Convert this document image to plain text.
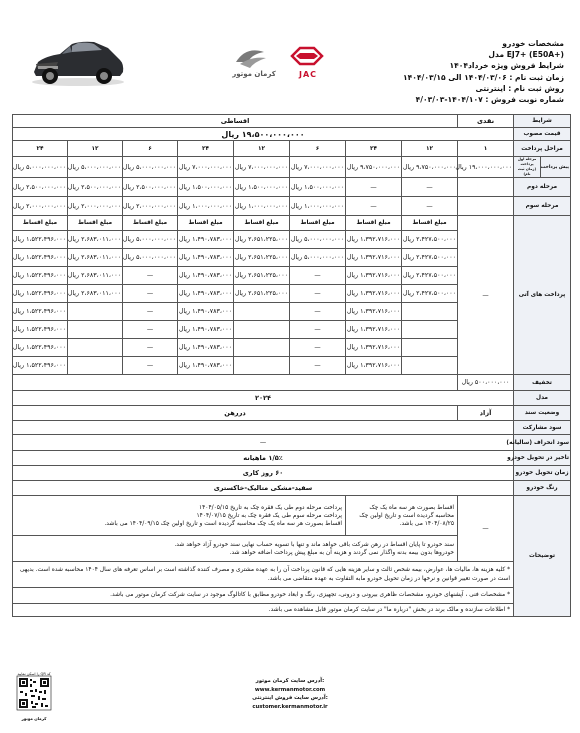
کرمان موتور	JAC
مشخصات خودرو
EJ7+ (E50A+) مدل
شرایط فروش ویژه خرداد۱۴۰۴
زمان ثبت نام : ۱۴۰۴/۰۳/۰۶ الی ۱۴۰۴/۰۳/۱۵
روش ثبت نام : اینترنتی
شماره نوبت فروش : ۱۴۰۴/۱۰۷-۴/۰۳/۰۳
شرایط		نقدی	اقساطی							
قیمت مصوب		۱۹،۵۰۰،۰۰۰،۰۰۰ ریال								
مراحل پرداخت		۱	۱۲	۲۴	۶	۱۲	۲۴	۶	۱۲	۲۴
پیش پرداخت	مرحله اول پرداخت (زمان ثبت نام)	۱۹،۰۰۰،۰۰۰،۰۰۰ ریال	۹،۷۵۰،۰۰۰،۰۰۰ ریال	۹،۷۵۰،۰۰۰،۰۰۰ ریال	۷،۰۰۰،۰۰۰،۰۰۰ ریال	۷،۰۰۰،۰۰۰،۰۰۰ ریال	۷،۰۰۰،۰۰۰،۰۰۰ ریال	۵،۰۰۰،۰۰۰،۰۰۰ ریال	۵،۰۰۰،۰۰۰،۰۰۰ ریال	۵،۰۰۰،۰۰۰،۰۰۰ ریال
مرحله دوم			—	—	۱،۵۰۰،۰۰۰،۰۰۰ ریال	۱،۵۰۰،۰۰۰،۰۰۰ ریال	۱،۵۰۰،۰۰۰،۰۰۰ ریال	۲،۵۰۰،۰۰۰،۰۰۰ ریال	۲،۵۰۰،۰۰۰،۰۰۰ ریال	۲،۵۰۰،۰۰۰،۰۰۰ ریال
مرحله سوم			—	—	۱،۰۰۰،۰۰۰،۰۰۰ ریال	۱،۰۰۰،۰۰۰،۰۰۰ ریال	۱،۰۰۰،۰۰۰،۰۰۰ ریال	۲،۰۰۰،۰۰۰،۰۰۰ ریال	۲،۰۰۰،۰۰۰،۰۰۰ ریال	۲،۰۰۰،۰۰۰،۰۰۰ ریال
پرداخت های آتی		—	مبلغ اقساط	مبلغ اقساط	مبلغ اقساط	مبلغ اقساط	مبلغ اقساط	مبلغ اقساط	مبلغ اقساط	مبلغ اقساط
			۲،۴۲۷،۵۰۰،۰۰۰ ریال	۱،۳۹۲،۷۱۶،۰۰۰ ریال	۵،۰۰۰،۰۰۰،۰۰۰ ریال	۲،۶۵۱،۲۲۵،۰۰۰ ریال	۱،۴۹۰،۷۸۳،۰۰۰ ریال	۵،۰۰۰،۰۰۰،۰۰۰ ریال	۲،۶۸۳،۰۱۱،۰۰۰ ریال	۱،۵۲۲،۴۹۶،۰۰۰ ریال
			۲،۴۲۷،۵۰۰،۰۰۰ ریال	۱،۳۹۲،۷۱۶،۰۰۰ ریال	۵،۰۰۰،۰۰۰،۰۰۰ ریال	۲،۶۵۱،۲۲۵،۰۰۰ ریال	۱،۴۹۰،۷۸۳،۰۰۰ ریال	۵،۰۰۰،۰۰۰،۰۰۰ ریال	۲،۶۸۳،۰۱۱،۰۰۰ ریال	۱،۵۲۲،۴۹۶،۰۰۰ ریال
			۲،۴۲۷،۵۰۰،۰۰۰ ریال	۱،۳۹۲،۷۱۶،۰۰۰ ریال	—	۲،۶۵۱،۲۲۵،۰۰۰ ریال	۱،۴۹۰،۷۸۳،۰۰۰ ریال	—	۲،۶۸۳،۰۱۱،۰۰۰ ریال	۱،۵۲۲،۴۹۶،۰۰۰ ریال
			۲،۴۲۷،۵۰۰،۰۰۰ ریال	۱،۳۹۲،۷۱۶،۰۰۰ ریال	—	۲،۶۵۱،۲۲۵،۰۰۰ ریال	۱،۴۹۰،۷۸۳،۰۰۰ ریال	—	۲،۶۸۳،۰۱۱،۰۰۰ ریال	۱،۵۲۲،۴۹۶،۰۰۰ ریال
				۱،۳۹۲،۷۱۶،۰۰۰ ریال	—		۱،۴۹۰،۷۸۳،۰۰۰ ریال	—		۱،۵۲۲،۴۹۶،۰۰۰ ریال
				۱،۳۹۲،۷۱۶،۰۰۰ ریال	—		۱،۴۹۰،۷۸۳،۰۰۰ ریال	—		۱،۵۲۲،۴۹۶،۰۰۰ ریال
				۱،۳۹۲،۷۱۶،۰۰۰ ریال	—		۱،۴۹۰،۷۸۳،۰۰۰ ریال	—		۱،۵۲۲،۴۹۶،۰۰۰ ریال
				۱،۳۹۲،۷۱۶،۰۰۰ ریال	—		۱،۴۹۰،۷۸۳،۰۰۰ ریال	—		۱،۵۲۲،۴۹۶،۰۰۰ ریال
تخفیف		۵۰۰،۰۰۰،۰۰۰ ریال								
مدل		۲۰۲۴								
وضعیت سند		آزاد	دررهن							
سود مشارکت										
سود انحراف (سالیانه)		—								
تاخیر در تحویل خودرو		۱/۵٪ ماهیانه								
زمان تحویل خودرو		۶۰ روز کاری								
رنگ خودرو		سفید-مشکی متالیک-خاکستری								
توضیحات		—	اقساط بصورت هر سه ماه یک چک محاسبه گردیده است و تاریخ اولین چک ۱۴۰۴/۰۸/۲۵ می باشد.		پرداخت مرحله دوم طی یک فقره چک به تاریخ ۱۴۰۴/۰۵/۱۵
پرداخت مرحله سوم طی یک فقره چک به تاریخ ۱۴۰۴/۰۷/۱۵
اقساط بصورت هر سه ماه یک چک محاسبه گردیده است و تاریخ اولین چک ۱۴۰۴/۰۹/۱۵ می باشد.					

			سند خودرو تا پایان اقساط در رهن شرکت باقی خواهد ماند و تنها با تسویه حساب نهایی سند خودرو آزاد خواهد شد.
خودروها بدون بیمه بدنه واگذار نمی گردند و هزینه آن به مبلغ پیش پرداخت اضافه خواهد شد.							

		* کلیه هزینه ها، مالیات ها، عوارض، بیمه شخص ثالث و سایر هزینه هایی که قانون پرداخت آن را به عهده مشتری و مصرف کننده گذاشته است بر اساس تعرفه های سال ۱۴۰۴ محاسبه شده است. بدیهی است در صورت تغییر قوانین و نرخها در زمان تحویل خودرو مابه التفاوت به عهده متقاضی می باشد.								
		* مشخصات فنی ، آپشنهای خودرو، مشخصات ظاهری بیرونی و درونی، تجهیزی، رنگ و ابعاد خودرو مطابق با کاتالوگ موجود در سایت شرکت کرمان موتور می باشد.								
		* اطلاعات سازنده و مالک برند در بخش "درباره ما" در سایت کرمان موتور قابل مشاهده می باشد.								
آدرس سایت کرمان موتور:
www.kermanmotor.com
آدرس سایت فروش اینترنتی:
customer.kermanmotor.ir
کد QR را اسکن نمایید
کرمان موتور
